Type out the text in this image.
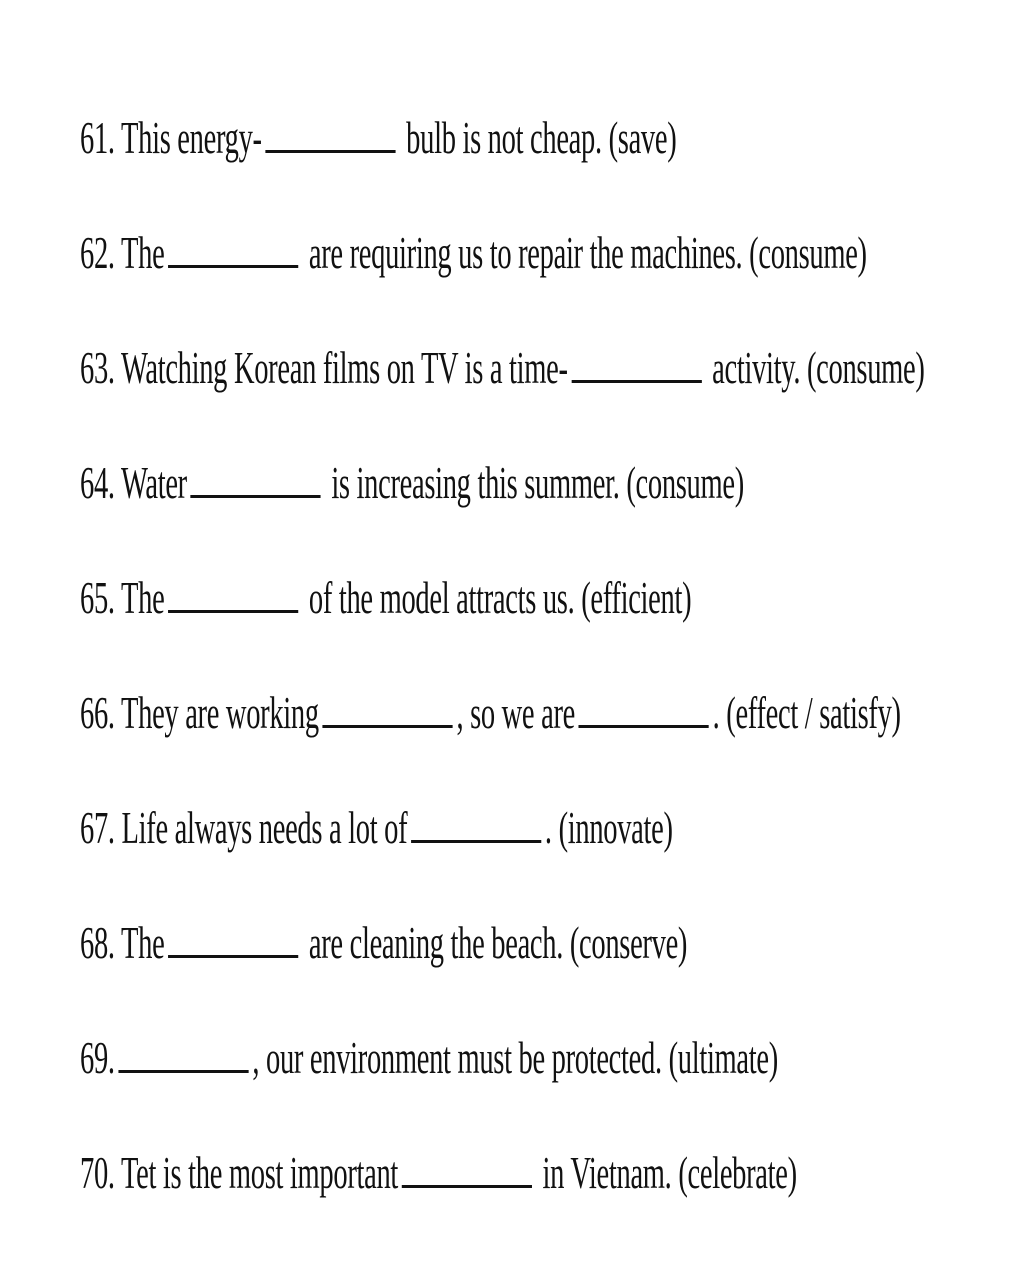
61. This energy-	bulb is not cheap. (save)

62. The	are requiring us to repair the machines. (consume)

63. Watching Korean films on TV is a time-	activity. (consume)

64. Water	is increasing this summer. (consume)

65. The	of the model attracts us. (efficient)

66. They are working	, so we are	. (effect / satisfy)

67. Life always needs a lot of	. (innovate)

68. The	are cleaning the beach. (conserve)

69.	, our environment must be protected. (ultimate)

70. Tet is the most important	in Vietnam. (celebrate)
